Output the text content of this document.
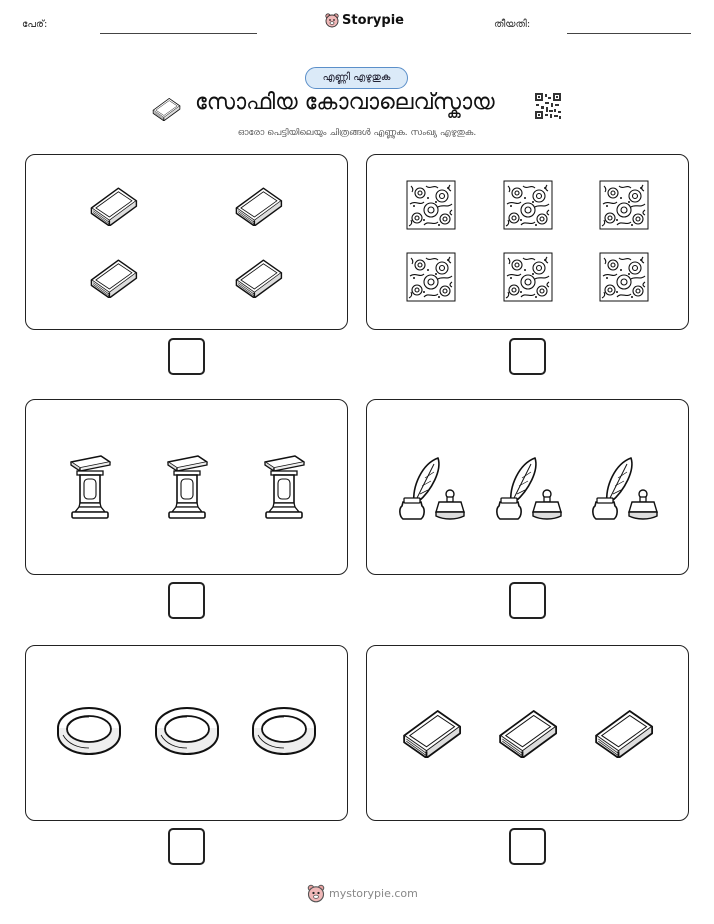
പേര്:	Storypie	തീയതി:
എണ്ണി എഴുതുക
സോഫിയ കോവാലെവ്സ്കായ
ഓരോ പെട്ടിയിലെയും ചിത്രങ്ങൾ എണ്ണുക. സംഖ്യ എഴുതുക.
mystorypie.com
